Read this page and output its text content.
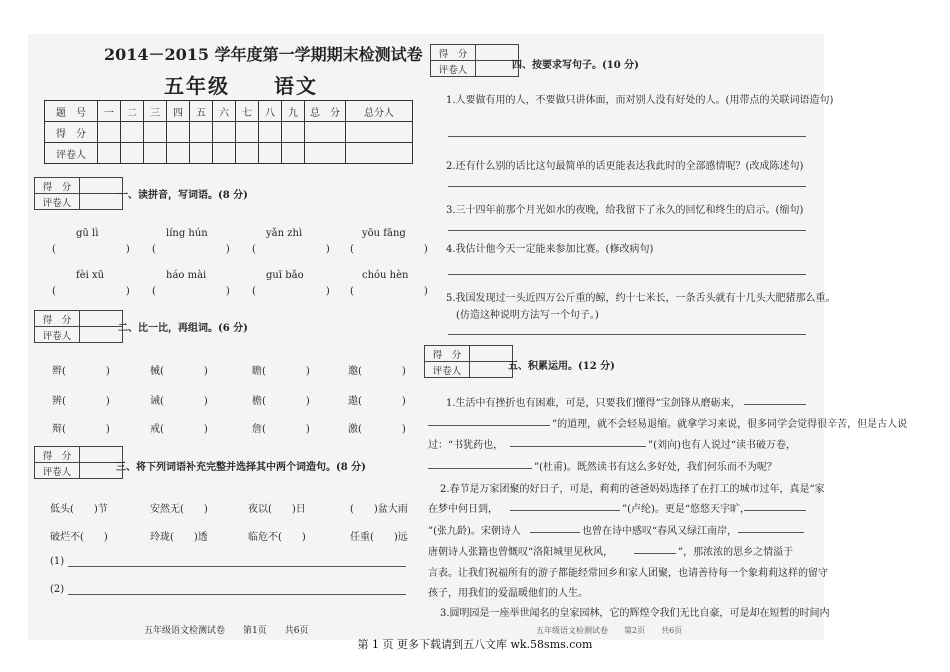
2014－2015 学年度第一学期期末检测试卷
五年级　　语文
题　号	一	二	三	四	五	六	七	八	九	总　分	总分人
得　分											
评卷人											
得　分	
评卷人	
一、读拼音，写词语。(8 分)
gū lì	líng hún	yǎn zhì	yōu fāng
(　　　　　　　) (　　　　　　　) (　　　　　　　) (　　　　　　　)
fèi xū	háo mài	guī bǎo	chóu hèn
(　　　　　　　) (　　　　　　　) (　　　　　　　) (　　　　　　　)
得　分	
评卷人	
二、比一比，再组词。(6 分)
辫(　　　　)	械(　　　　)	瞻(　　　　)	邀(　　　　)
辨(　　　　)	诫(　　　　)	檐(　　　　)	遨(　　　　)
辩(　　　　)	戒(　　　　)	詹(　　　　)	激(　　　　)
得　分	
评卷人		三、将下列词语补充完整并选择其中两个词造句。(8 分)
低头(　　)节	安然无(　　)	夜以(　　)日	(　　)盆大雨
破烂不(　　)	玲珑(　　)透	临危不(　　)	任重(　　)远
(1)
(2)
五年级语文检测试卷　　第1页　　共6页
得　分	
评卷人		四、按要求写句子。(10 分)
1.人要做有用的人，不要做只讲体面，而对别人没有好处的人。(用带点的关联词语造句)
2.还有什么别的话比这句最简单的话更能表达我此时的全部感情呢？(改成陈述句)
3.三十四年前那个月光如水的夜晚，给我留下了永久的回忆和终生的启示。(缩句)
4.我估计他今天一定能来参加比赛。(修改病句)
5.我国发现过一头近四万公斤重的鲸，约十七米长，一条舌头就有十几头大肥猪那么重。
(仿造这种说明方法写一个句子。)
得　分	
评卷人		五、积累运用。(12 分)
1.生活中有挫折也有困难，可是，只要我们懂得“宝剑锋从磨砺来，
”的道理，就不会轻易退缩。就拿学习来说，很多同学会觉得很辛苦，但是古人说
过：“书犹药也，	”(刘向)也有人说过“读书破万卷，
”(杜甫)。既然读书有这么多好处，我们何乐而不为呢？
2.春节是万家团聚的好日子，可是，莉莉的爸爸妈妈选择了在打工的城市过年，真是“家
在梦中何日到，	”(卢纶)。更是“悠悠天宇旷，
”(张九龄)。宋朝诗人	也曾在诗中感叹“春风又绿江南岸，
唐朝诗人张籍也曾慨叹“洛阳城里见秋风，	”，那浓浓的思乡之情溢于
言表。让我们祝福所有的游子都能经常回乡和家人团聚，也请善待每一个象莉莉这样的留守
孩子，用我们的爱温暖他们的人生。
3.圆明园是一座举世闻名的皇家园林，它的辉煌令我们无比自豪，可是却在短暂的时间内
五年级语文检测试卷　　第2页　　共6页
第 1 页 更多下载请到五八文库 wk.58sms.com
